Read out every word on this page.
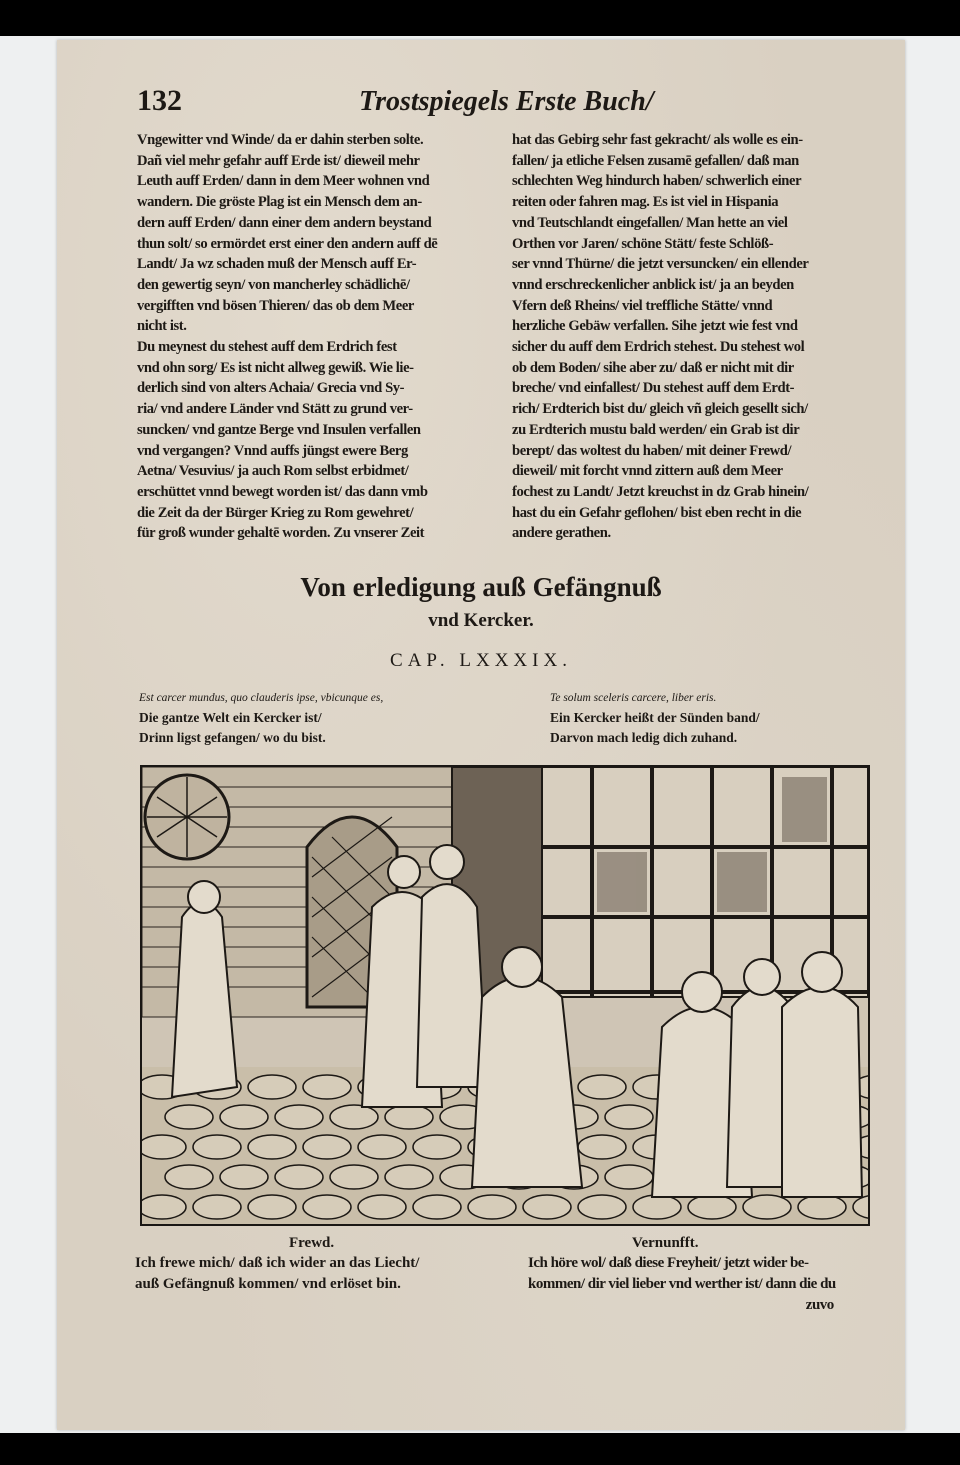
132	Trostspiegels Erste Buch/
Vngewitter vnd Winde/ da er dahin sterben solte.
Dañ viel mehr gefahr auff Erde ist/ dieweil mehr
Leuth auff Erden/ dann in dem Meer wohnen vnd
wandern. Die gröste Plag ist ein Mensch dem an-
dern auff Erden/ dann einer dem andern beystand
thun solt/ so ermördet erst einer den andern auff dē
Landt/ Ja wz schaden muß der Mensch auff Er-
den gewertig seyn/ von mancherley schädlichē/
vergifften vnd bösen Thieren/ das ob dem Meer
nicht ist.
Du meynest du stehest auff dem Erdrich fest
vnd ohn sorg/ Es ist nicht allweg gewiß. Wie lie-
derlich sind von alters Achaia/ Grecia vnd Sy-
ria/ vnd andere Länder vnd Stätt zu grund ver-
suncken/ vnd gantze Berge vnd Insulen verfallen
vnd vergangen? Vnnd auffs jüngst ewere Berg
Aetna/ Vesuvius/ ja auch Rom selbst erbidmet/
erschüttet vnnd bewegt worden ist/ das dann vmb
die Zeit da der Bürger Krieg zu Rom gewehret/
für groß wunder gehaltē worden. Zu vnserer Zeit
hat das Gebirg sehr fast gekracht/ als wolle es ein-
fallen/ ja etliche Felsen zusamē gefallen/ daß man
schlechten Weg hindurch haben/ schwerlich einer
reiten oder fahren mag. Es ist viel in Hispania
vnd Teutschlandt eingefallen/ Man hette an viel
Orthen vor Jaren/ schöne Stätt/ feste Schlöß-
ser vnnd Thürne/ die jetzt versuncken/ ein ellender
vnnd erschreckenlicher anblick ist/ ja an beyden
Vfern deß Rheins/ viel treffliche Stätte/ vnnd
herzliche Gebäw verfallen. Sihe jetzt wie fest vnd
sicher du auff dem Erdrich stehest. Du stehest wol
ob dem Boden/ sihe aber zu/ daß er nicht mit dir
breche/ vnd einfallest/ Du stehest auff dem Erdt-
rich/ Erdterich bist du/ gleich vñ gleich gesellt sich/
zu Erdterich mustu bald werden/ ein Grab ist dir
berept/ das woltest du haben/ mit deiner Frewd/
dieweil/ mit forcht vnnd zittern auß dem Meer
fochest zu Landt/ Jetzt kreuchst in dz Grab hinein/
hast du ein Gefahr geflohen/ bist eben recht in die
andere gerathen.
Von erledigung auß Gefängnuß
vnd Kercker.
CAP. LXXXIX.
Est carcer mundus, quo clauderis ipse, vbicunque es,
Die gantze Welt ein Kercker ist/
Drinn ligst gefangen/ wo du bist.
Te solum sceleris carcere, liber eris.
Ein Kercker heißt der Sünden band/
Darvon mach ledig dich zuhand.
Frewd.	Vernunfft.
Ich frewe mich/ daß ich wider an das Liecht/
auß Gefängnuß kommen/ vnd erlöset bin.
Ich höre wol/ daß diese Freyheit/ jetzt wider be-
kommen/ dir viel lieber vnd werther ist/ dann die du
zuvo
